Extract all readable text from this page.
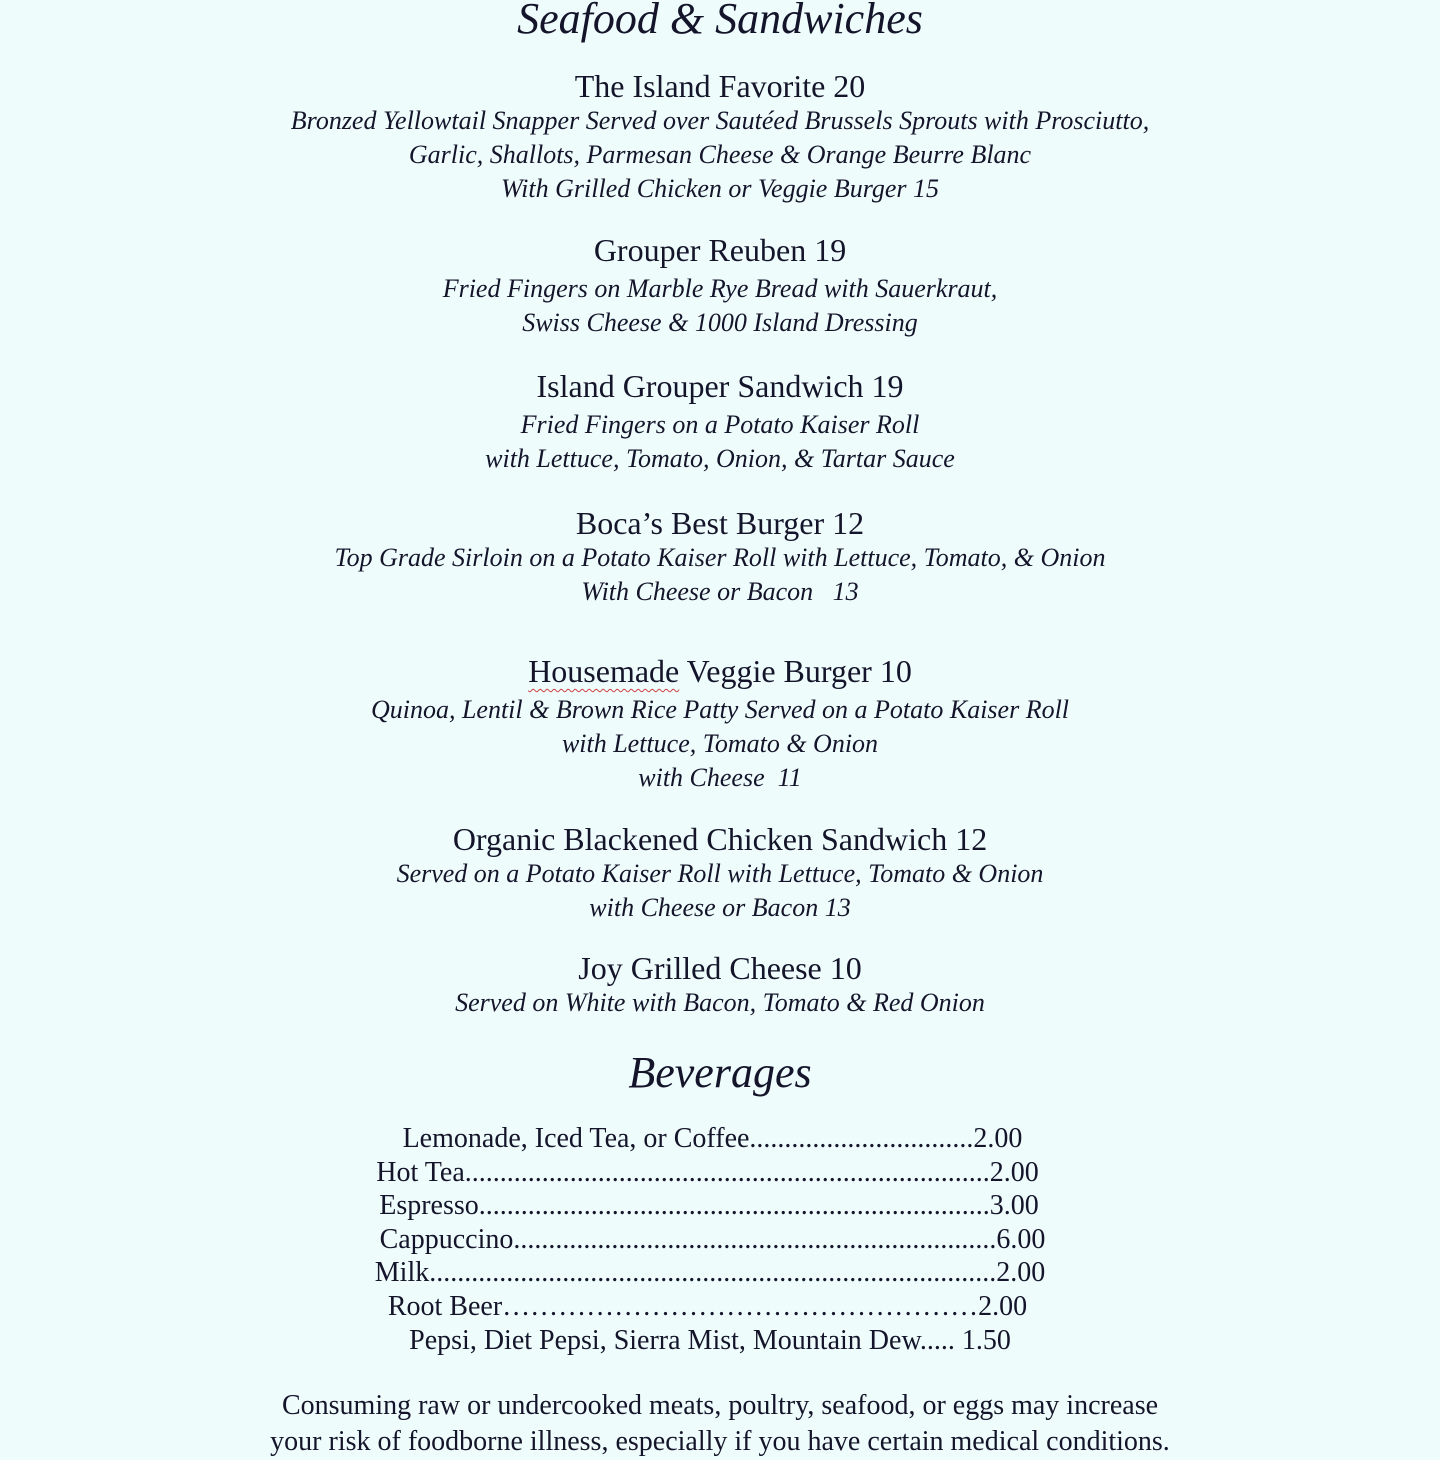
Seafood & Sandwiches

The Island Favorite 20

Bronzed Yellowtail Snapper Served over Sautéed Brussels Sprouts with Prosciutto,

Garlic, Shallots, Parmesan Cheese & Orange Beurre Blanc

With Grilled Chicken or Veggie Burger 15

Grouper Reuben 19

Fried Fingers on Marble Rye Bread with Sauerkraut,

Swiss Cheese & 1000 Island Dressing

Island Grouper Sandwich 19

Fried Fingers on a Potato Kaiser Roll

with Lettuce, Tomato, Onion, & Tartar Sauce

Boca’s Best Burger 12

Top Grade Sirloin on a Potato Kaiser Roll with Lettuce, Tomato, & Onion

With Cheese or Bacon   13

Housemade Veggie Burger 10

Quinoa, Lentil & Brown Rice Patty Served on a Potato Kaiser Roll

with Lettuce, Tomato & Onion

with Cheese  11

Organic Blackened Chicken Sandwich 12

Served on a Potato Kaiser Roll with Lettuce, Tomato & Onion

with Cheese or Bacon 13

Joy Grilled Cheese 10

Served on White with Bacon, Tomato & Red Onion

Beverages
Lemonade, Iced Tea, or Coffee................................2.00
Hot Tea...........................................................................2.00
Espresso.........................................................................3.00
Cappuccino.....................................................................6.00
Milk.................................................................................2.00
Root Beer……………………………………………2.00
Pepsi, Diet Pepsi, Sierra Mist, Mountain Dew..... 1.50
Consuming raw or undercooked meats, poultry, seafood, or eggs may increase
your risk of foodborne illness, especially if you have certain medical conditions.
